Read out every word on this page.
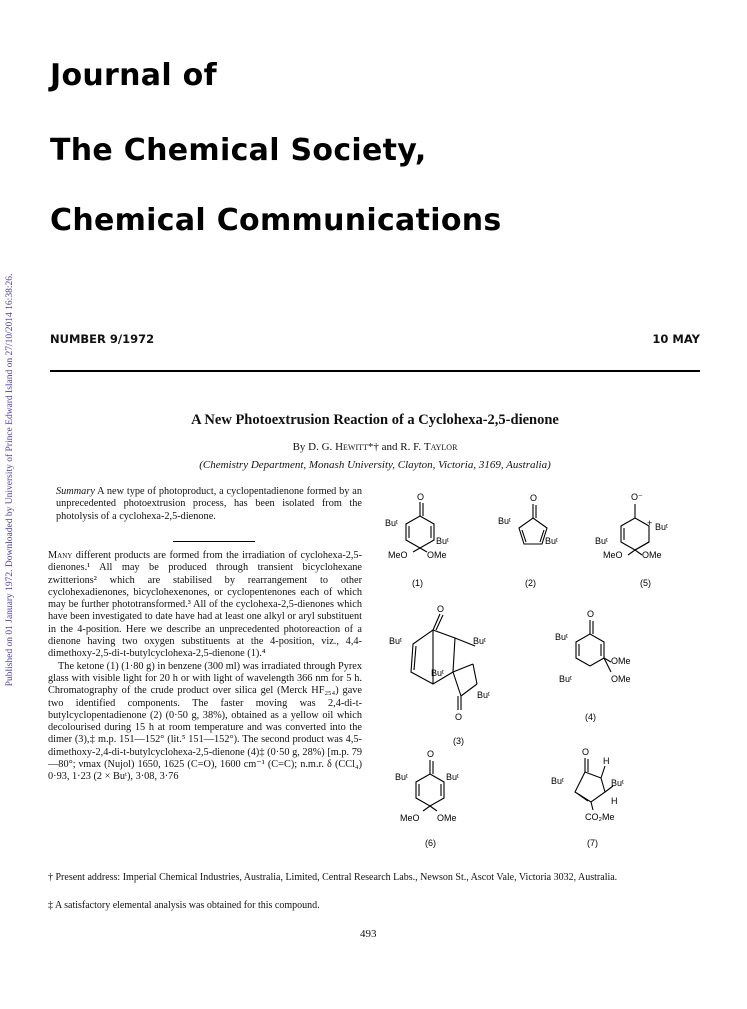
Published on 01 January 1972. Downloaded by University of Prince Edward Island on 27/10/2014 16:38:26.
Journal of
The Chemical Society,
Chemical Communications
NUMBER 9/1972	10 MAY
A New Photoextrusion Reaction of a Cyclohexa-2,5-dienone
By D. G. Hewitt*† and R. F. Taylor
(Chemistry Department, Monash University, Clayton, Victoria, 3169, Australia)

Summary A new type of photoproduct, a cyclopentadienone formed by an unprecedented photoextrusion process, has been isolated from the photolysis of a cyclohexa-2,5-dienone.

Many different products are formed from the irradiation of cyclohexa-2,5-dienones.¹ All may be produced through transient bicyclohexane zwitterions² which are stabilised by rearrangement to other cyclohexadienones, bicyclohexenones, or cyclopentenones each of which may be further phototransformed.³ All of the cyclohexa-2,5-dienones which have been investigated to date have had at least one alkyl or aryl substituent in the 4-position. Here we describe an unprecedented photoreaction of a dienone having two oxygen substituents at the 4-position, viz., 4,4-dimethoxy-2,5-di-t-butylcyclohexa-2,5-dienone (1).⁴

The ketone (1) (1·80 g) in benzene (300 ml) was irradiated through Pyrex glass with visible light for 20 h or with light of wavelength 366 nm for 5 h. Chromatography of the crude product over silica gel (Merck HF₂₅₄) gave two identified components. The faster moving was 2,4-di-t-butylcyclopentadienone (2) (0·50 g, 38%), obtained as a yellow oil which decolourised during 15 h at room temperature and was converted into the dimer (3),‡ m.p. 151—152° (lit.⁵ 151—152°). The second product was 4,5-dimethoxy-2,4-di-t-butylcyclohexa-2,5-dienone (4)‡ (0·50 g, 28%) [m.p. 79—80°; νmax (Nujol) 1650, 1625 (C=O), 1600 cm⁻¹ (C=C); n.m.r. δ (CCl₄) 0·93, 1·23 (2 × Buᵗ), 3·08, 3·76

O
Buᵗ
Buᵗ
MeO OMe
(1)
O
Buᵗ
Buᵗ
(2)
O⁻
+ Buᵗ
Buᵗ
MeO OMe
(5)
O
Buᵗ	Buᵗ
Buᵗ
O
Buᵗ
(3)
O
Buᵗ
OMe
Buᵗ	OMe
(4)
O
Buᵗ	Buᵗ
MeO OMe
(6)
O
H
Buᵗ	Buᵗ
H
CO₂Me
(7)
† Present address: Imperial Chemical Industries, Australia, Limited, Central Research Labs., Newson St., Ascot Vale, Victoria 3032, Australia.
‡ A satisfactory elemental analysis was obtained for this compound.
493
